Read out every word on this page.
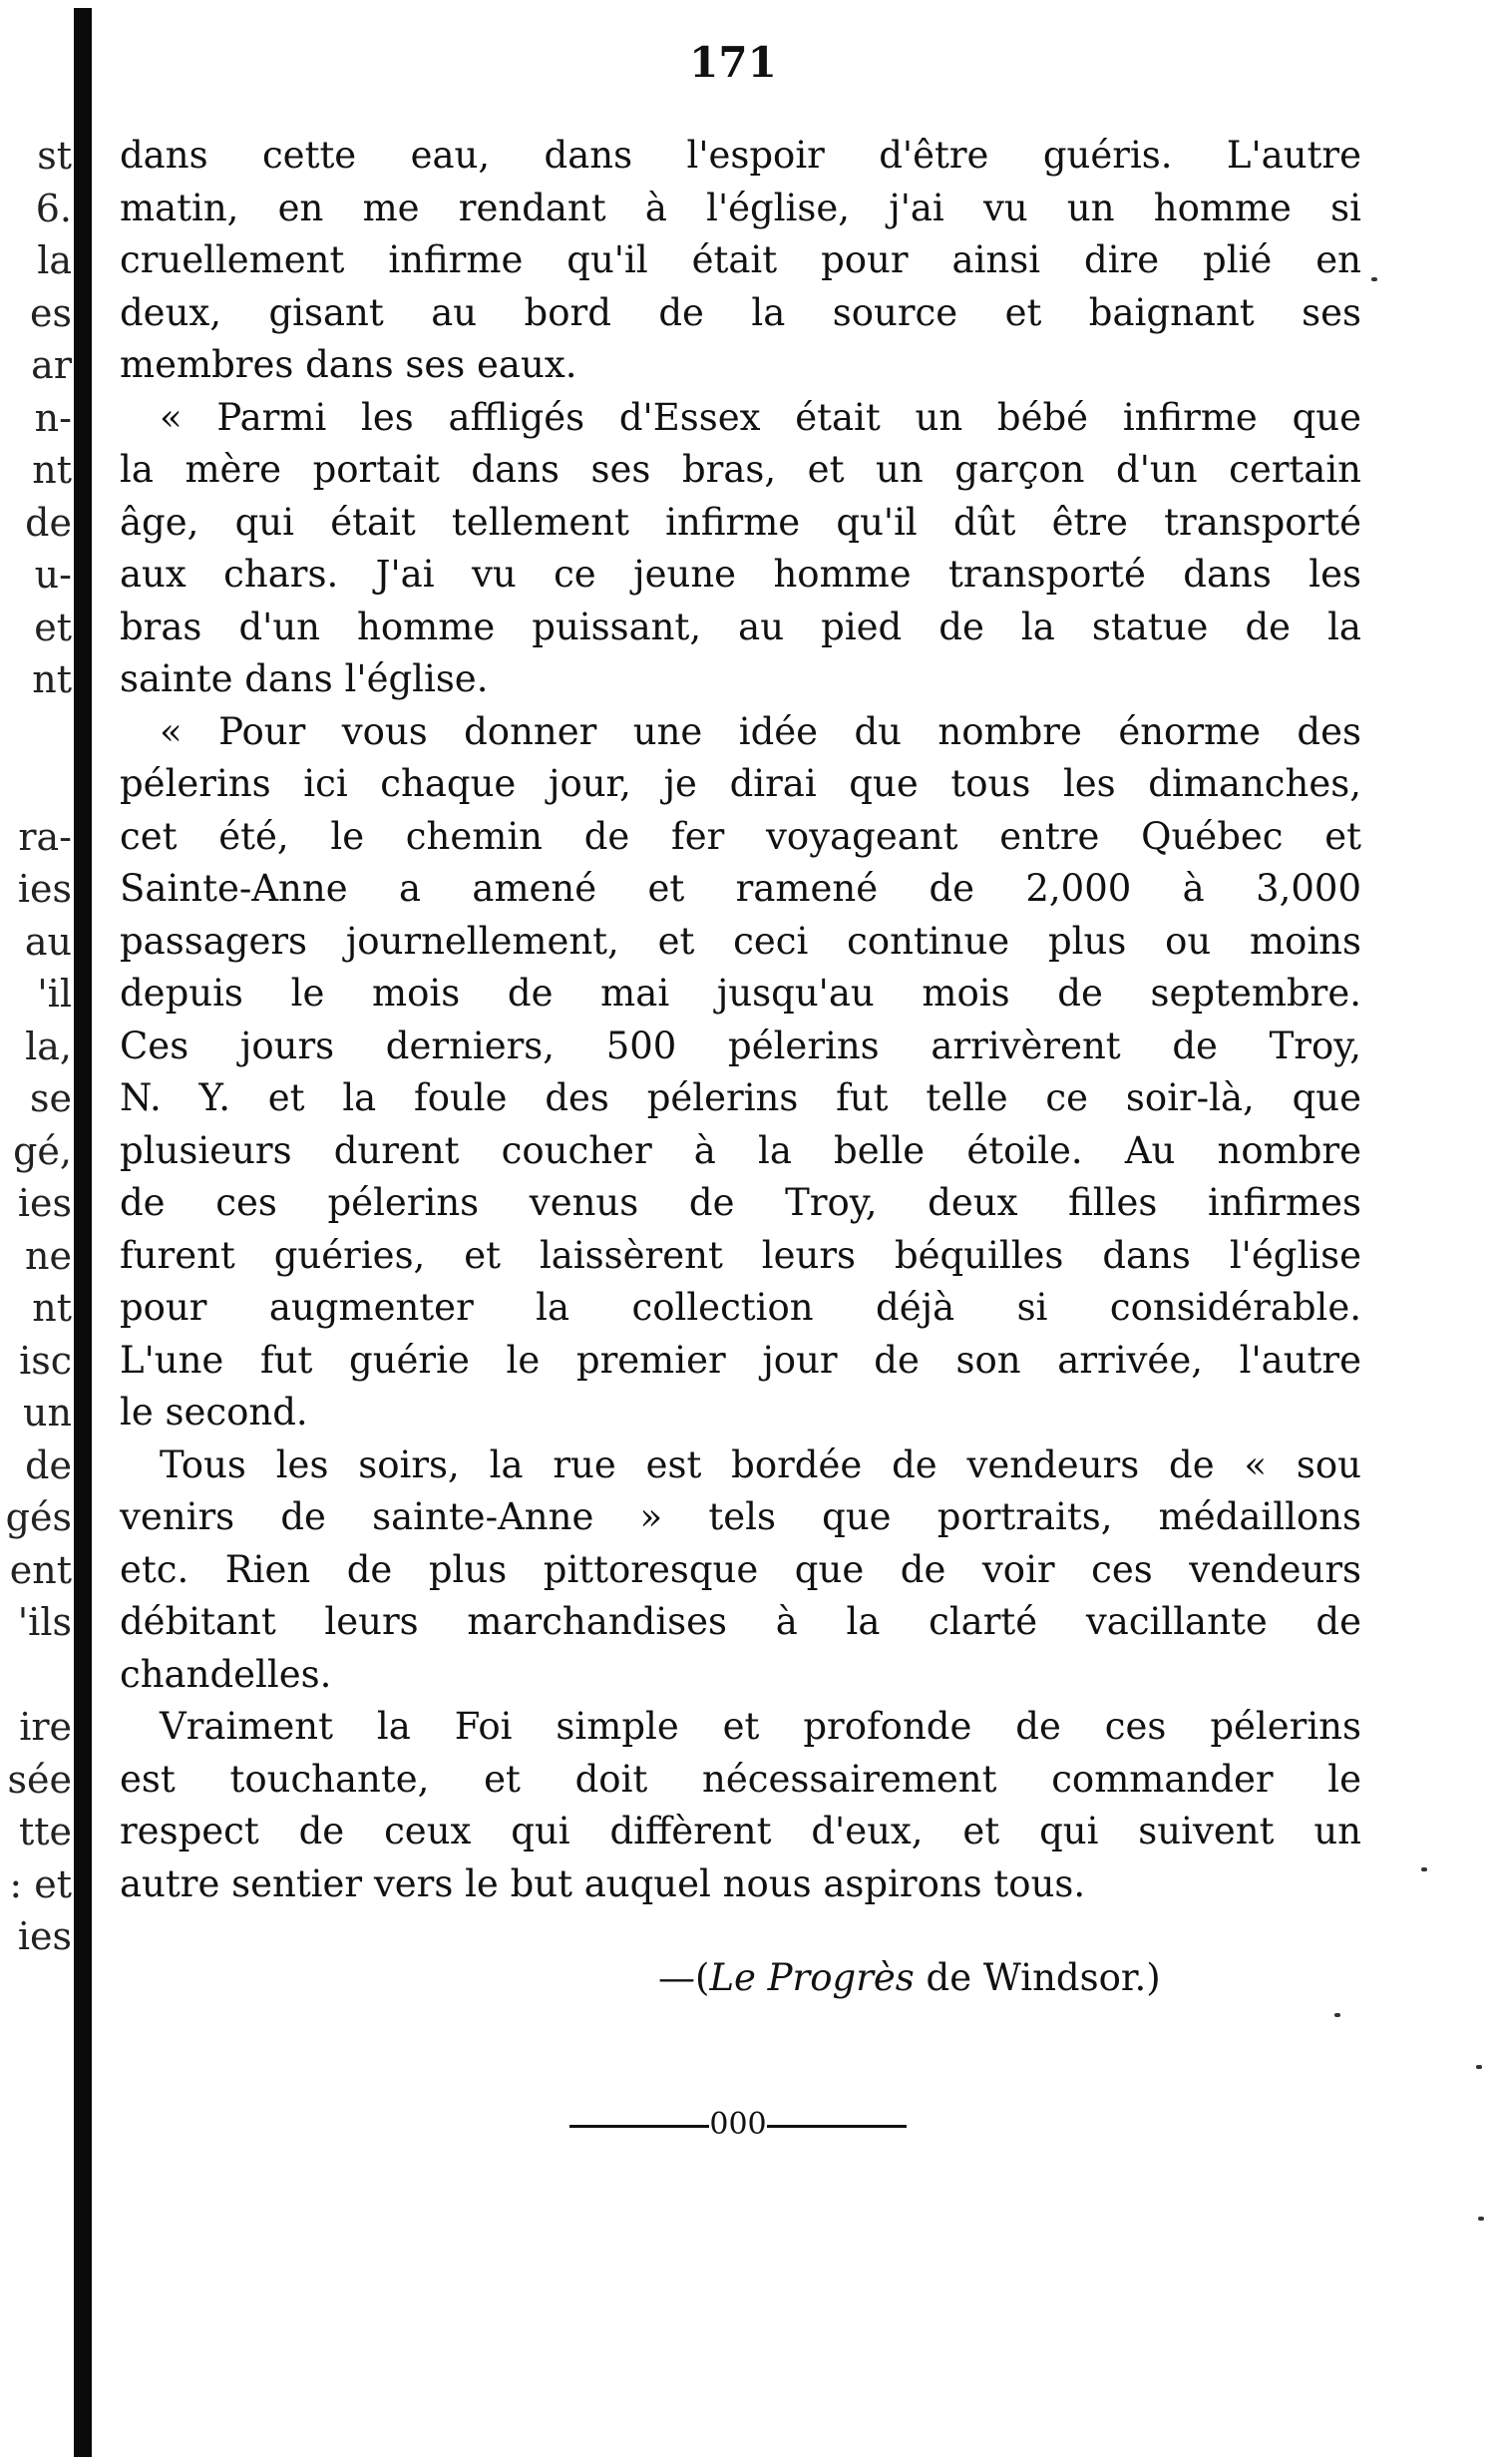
st
6.
la
es
ar
n-
nt
de
u-
et
nt
ra-
ies
au
'il
la,
se
gé,
ies
ne
nt
isc
un
de
gés
ent
'ils
ire
sée
tte
: et
ies
171
dans cette eau, dans l'espoir d'être guéris. L'autre
matin, en me rendant à l'église, j'ai vu un homme si
cruellement infirme qu'il était pour ainsi dire plié en
deux, gisant au bord de la source et baignant ses
membres dans ses eaux.
« Parmi les affligés d'Essex était un bébé infirme que
la mère portait dans ses bras, et un garçon d'un certain
âge, qui était tellement infirme qu'il dût être transporté
aux chars. J'ai vu ce jeune homme transporté dans les
bras d'un homme puissant, au pied de la statue de la
sainte dans l'église.
« Pour vous donner une idée du nombre énorme des
pélerins ici chaque jour, je dirai que tous les dimanches,
cet été, le chemin de fer voyageant entre Québec et
Sainte-Anne a amené et ramené de 2,000 à 3,000
passagers journellement, et ceci continue plus ou moins
depuis le mois de mai jusqu'au mois de septembre.
Ces jours derniers, 500 pélerins arrivèrent de Troy,
N. Y. et la foule des pélerins fut telle ce soir-là, que
plusieurs durent coucher à la belle étoile. Au nombre
de ces pélerins venus de Troy, deux filles infirmes
furent guéries, et laissèrent leurs béquilles dans l'église
pour augmenter la collection déjà si considérable.
L'une fut guérie le premier jour de son arrivée, l'autre
le second.
Tous les soirs, la rue est bordée de vendeurs de « sou
venirs de sainte-Anne » tels que portraits, médaillons
etc. Rien de plus pittoresque que de voir ces vendeurs
débitant leurs marchandises à la clarté vacillante de
chandelles.
Vraiment la Foi simple et profonde de ces pélerins
est touchante, et doit nécessairement commander le
respect de ceux qui diffèrent d'eux, et qui suivent un
autre sentier vers le but auquel nous aspirons tous.
—(Le Progrès de Windsor.)
000
